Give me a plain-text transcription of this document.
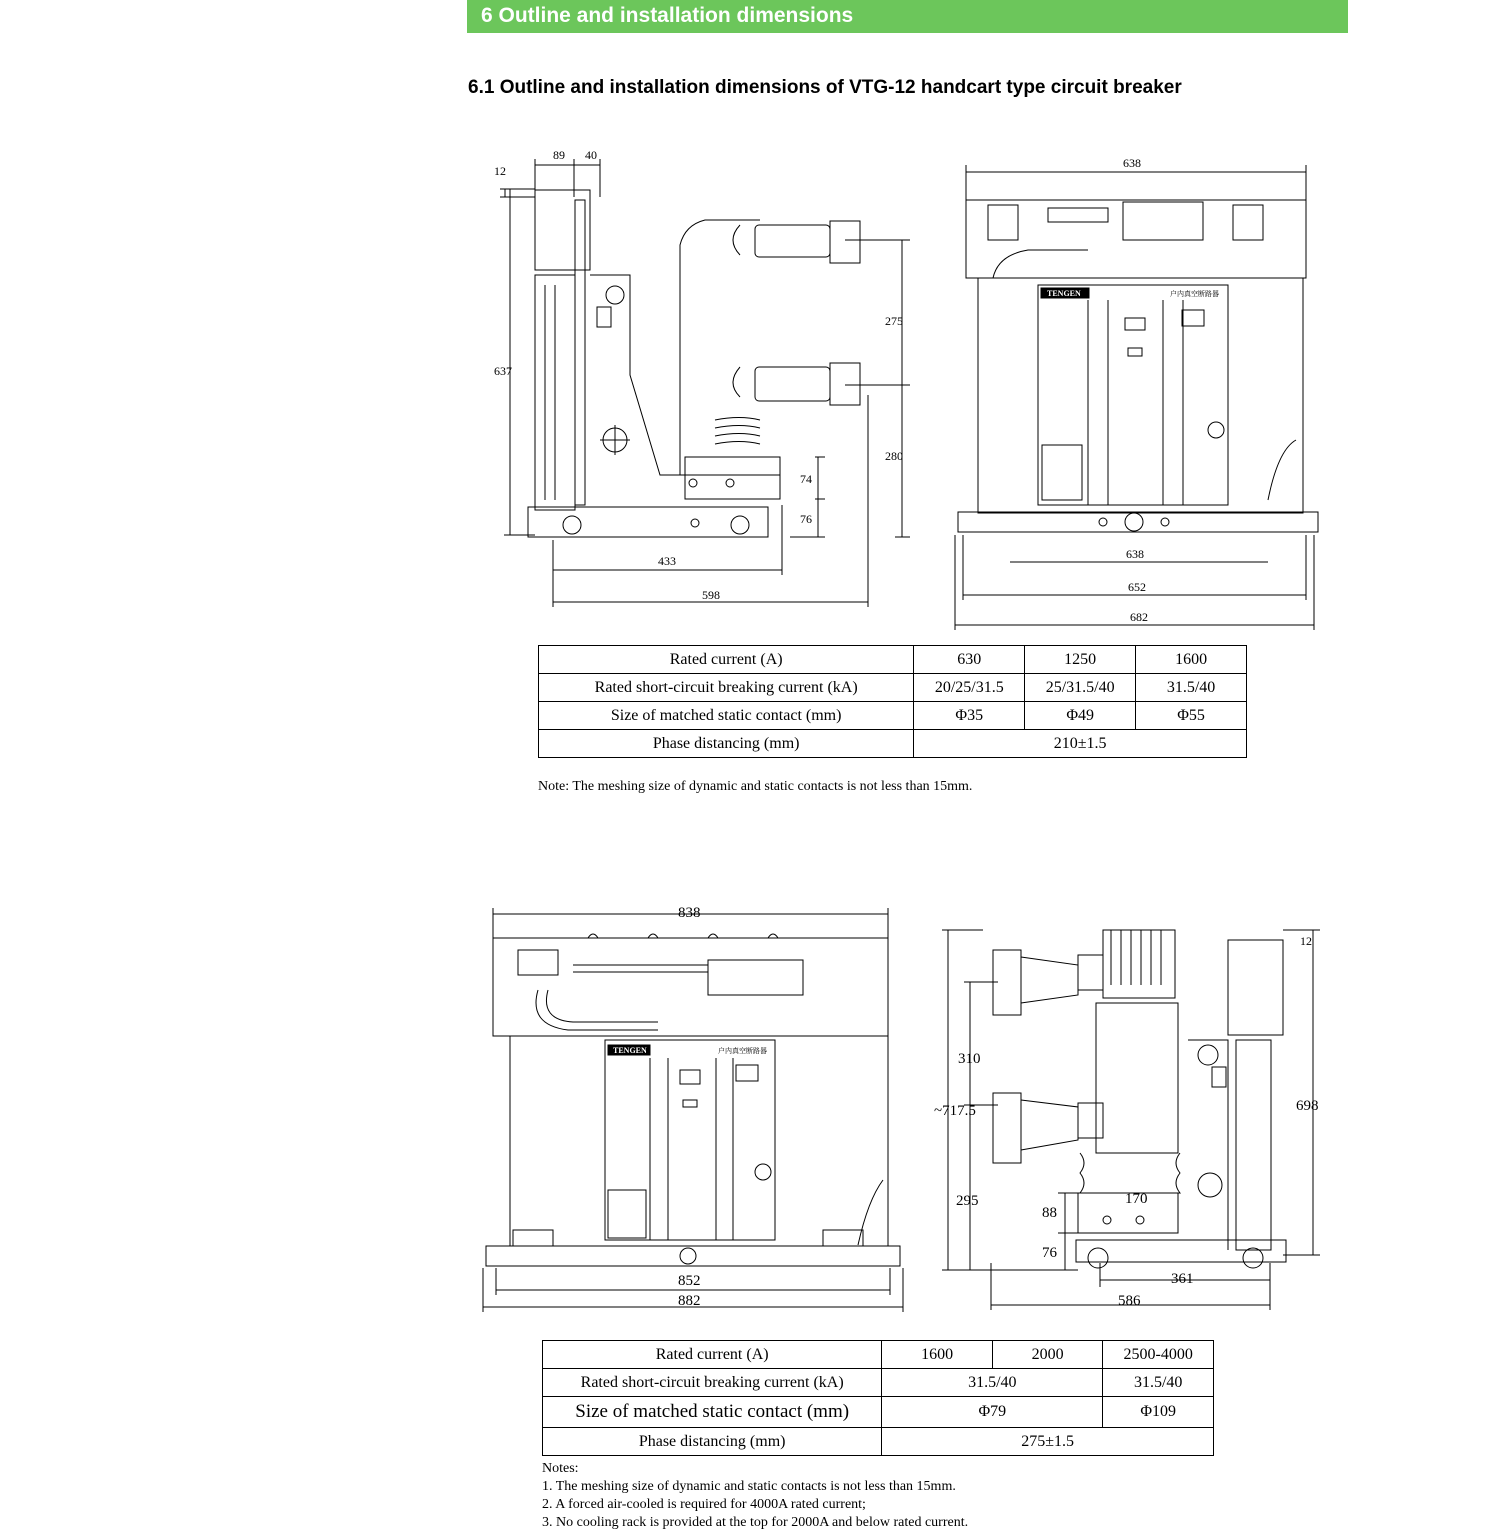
6 Outline and installation dimensions
6.1 Outline and installation dimensions of VTG-12 handcart type circuit breaker
89 40
12
637
275
280
74
76
433
598
TENGEN	户内真空断路器
638
638
652
682
Rated current (A)	630	1250	1600
Rated short-circuit breaking current (kA)	20/25/31.5	25/31.5/40	31.5/40
Size of matched static contact (mm)	Φ35	Φ49	Φ55
Phase distancing (mm)	210±1.5		
Note: The meshing size of dynamic and static contacts is not less than 15mm.
TENGEN	户内真空断路器
838
852
882
~717.5
310
295
88
76
170
361
586
698
12
Rated current (A)	1600	2000	2500-4000
Rated short-circuit breaking current (kA)	31.5/40		31.5/40
Size of matched static contact (mm)	Φ79		Φ109
Phase distancing (mm)	275±1.5		
Notes:
1. The meshing size of dynamic and static contacts is not less than 15mm.
2. A forced air-cooled is required for 4000A rated current;
3. No cooling rack is provided at the top for 2000A and below rated current.
